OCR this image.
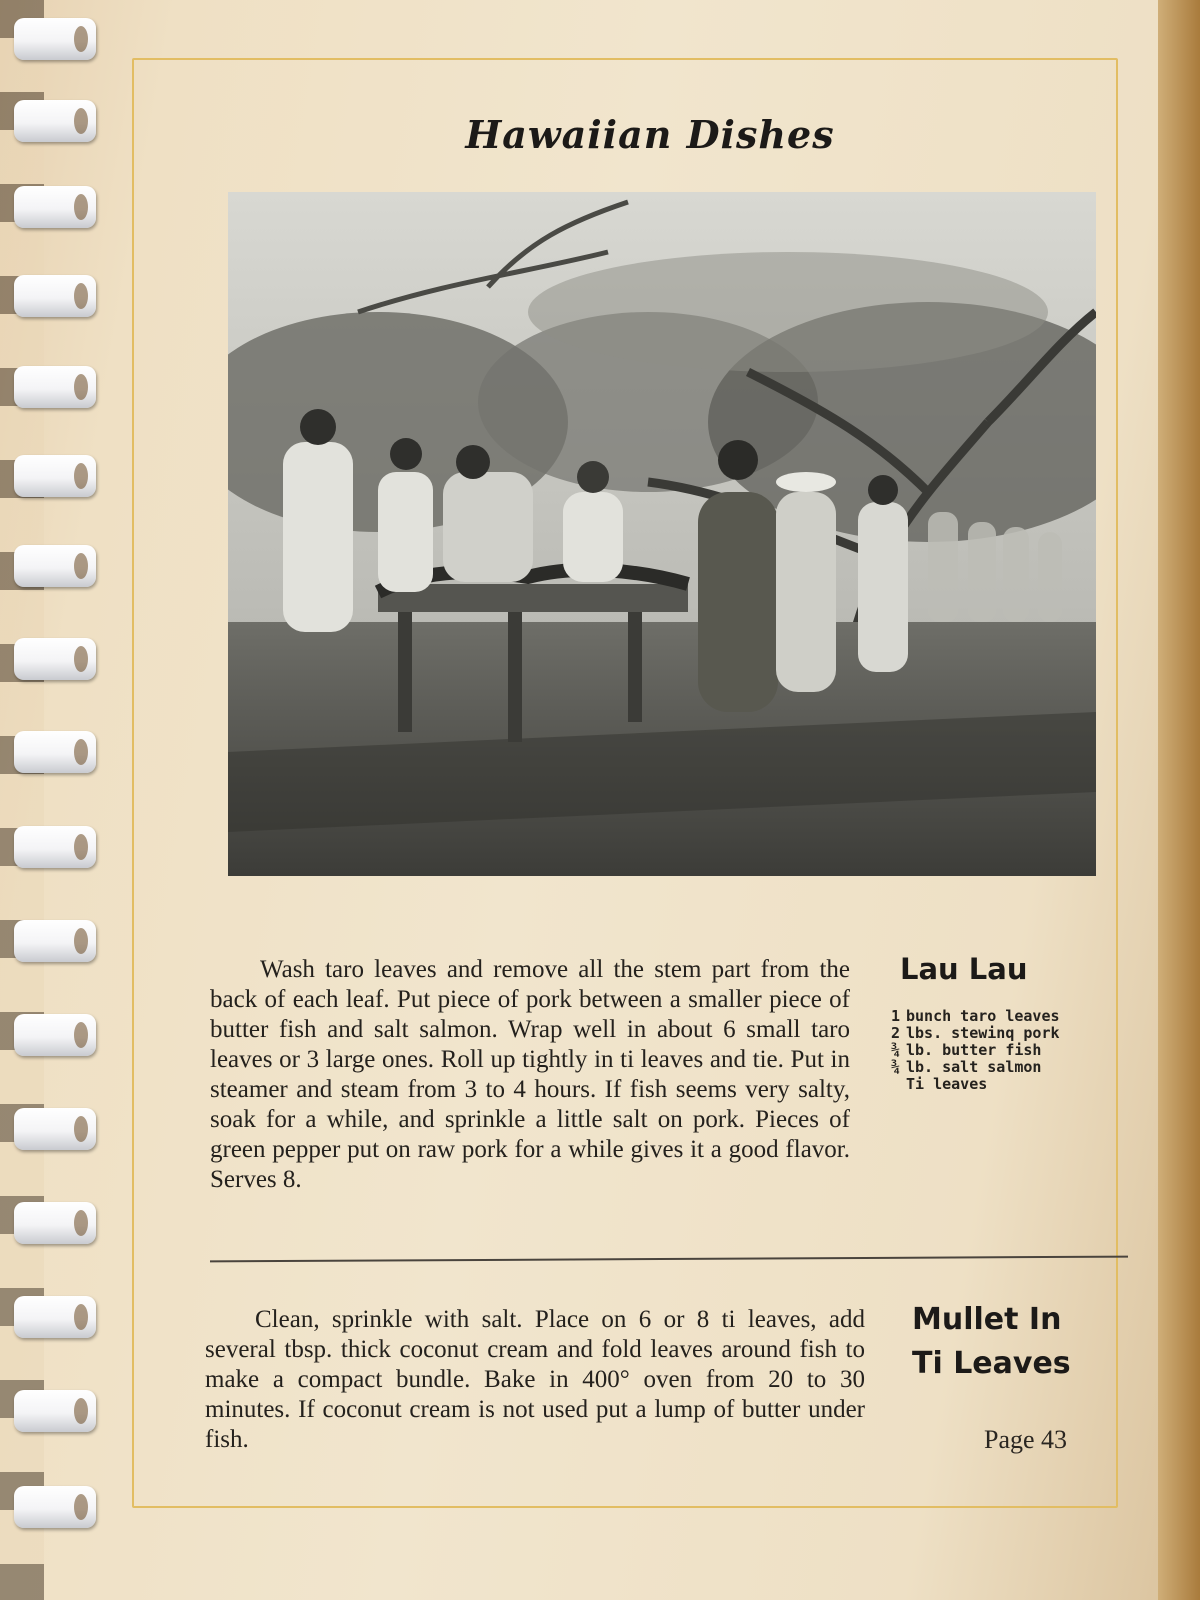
Hawaiian Dishes

Wash taro leaves and remove all the stem part from the back of each leaf. Put piece of pork between a smaller piece of butter fish and salt salmon. Wrap well in about 6 small taro leaves or 3 large ones. Roll up tightly in ti leaves and tie. Put in steamer and steam from 3 to 4 hours. If fish seems very salty, soak for a while, and sprinkle a little salt on pork. Pieces of green pepper put on raw pork for a while gives it a good flavor. Serves 8.

Lau Lau
1 bunch taro leaves
2 lbs. stewinq pork
¾ lb. butter fish
¾ lb. salt salmon
Ti leaves

Clean, sprinkle with salt. Place on 6 or 8 ti leaves, add several tbsp. thick coconut cream and fold leaves around fish to make a compact bundle. Bake in 400° oven from 20 to 30 minutes. If coconut cream is not used put a lump of butter under fish.

Mullet In Ti Leaves
Page 43
